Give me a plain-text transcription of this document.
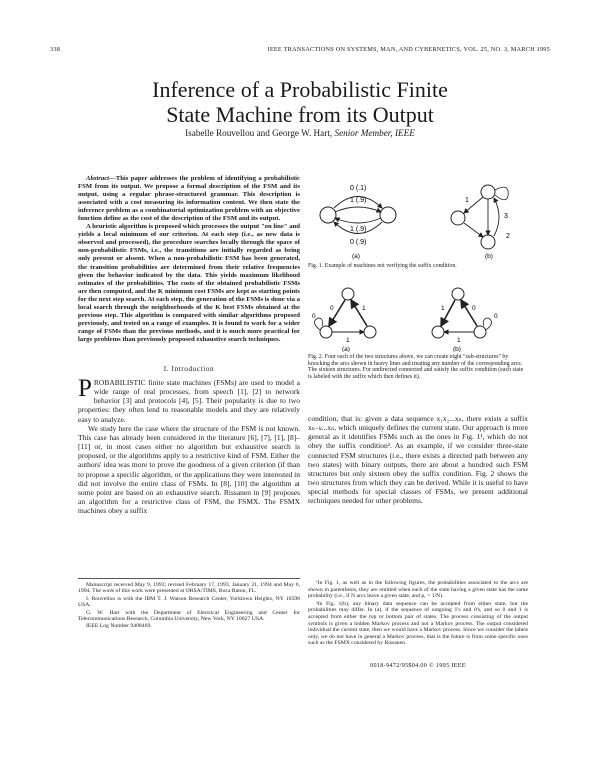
338	IEEE TRANSACTIONS ON SYSTEMS, MAN, AND CYBERNETICS, VOL. 25, NO. 3, MARCH 1995
Inference of a Probabilistic Finite
State Machine from its Output
Isabelle Rouvellou and George W. Hart, Senior Member, IEEE

Abstract—This paper addresses the problem of identifying a probabilistic FSM from its output. We propose a formal description of the FSM and its output, using a regular phrase-structured grammar. This description is associated with a cost measuring its information content. We then state the inference problem as a combinatorial optimization problem with an objective function define as the cost of the description of the FSM and its output.

A heuristic algorithm is proposed which processes the output "on line" and yields a local minimum of our criterion. At each step (i.e., as new data is observed and processed), the procedure searches locally through the space of non-probabilistic FSMs, i.e., the transitions are initially regarded as being only present or absent. When a non-probabilistic FSM has been generated, the transition probabilities are determined from their relative frequencies given the behavior indicated by the data. This yields maximum likelihood estimates of the probabilities. The costs of the obtained probabilistic FSMs are then computed, and the K minimum cost FSMs are kept as starting points for the next step search. At each step, the generation of the FSMs is done via a local search through the neighborhoods of the K best FSMs obtained at the previous step. This algorithm is compared with similar algorithms proposed previously, and tested on a range of examples. It is found to work for a wider range of FSMs than the previous methods, and it is much more practical for large problems than previously proposed exhaustive search techniques.

I. Introduction

PROBABILISTIC finite state machines (FSMs) are used to model a wide range of real processes, from speech [1], [2] to network behavior [3] and protocols [4], [5]. Their popularity is due to two properties: they often lend to reasonable models and they are relatively easy to analyze.

We study here the case where the structure of the FSM is not known. This case has already been considered in the literature [6], [7], [1], [8]–[11] or, in most cases either no algorithm but exhaustive search is proposed, or the algorithms apply to a restrictive kind of FSM. Either the authors' idea was more to prove the goodness of a given criterion (if than to propose a specific algorithm, or the applications they were interested in did not involve the entire class of FSMs. In [8], [10] the algorithm at some point are based on an exhaustive search. Rissanen in [9] proposes an algorithm for a restrictive class of FSM, the FSMX. The FSMX machines obey a suffix

Manuscript received May 9, 1993; revised February 17, 1993, January 21, 1994 and May 6, 1994. The work of this work were presented at ORSA/TIMS, Boca Raton, FL.

I. Rouvellou is with the IBM T. J. Watson Research Center, Yorktown Heights, NY 10598 USA.

G. W. Hart with the Department of Electrical Engineering and Center for Telecommunications Research, Columbia University, New York, NY 10027 USA.

IEEE Log Number 9408469.

0 (.1)
1 (.9)
1 (.9)
0 (.9)
(a)
1
3
2
(b)
Fig. 1. Example of machines not verifying the suffix condition.
0
0
1
1
(a)
1
0
0
1
(b)
Fig. 2. Four each of the two structures above, we can create eight "sub-structures" by knocking the arcs shown in heavy lines and treating any number of the corresponding arcs. The sixteen structures. For undirected connected and satisfy the suffix condition (each state is labeled with the suffix which then defines it).

condition, that is: given a data sequence x₁x₂...xₙ, there exists a suffix xₙ₋ₖ...xₙ, which uniquely defines the current state. Our approach is more general as it identifies FSMs such as the ones in Fig. 1¹, which do not obey the suffix condition². As an example, if we consider three-state connected FSM structures (i.e., there exists a directed path between any two states) with binary outputs, there are about a hundred such FSM structures but only sixteen obey the suffix condition. Fig. 2 shows the two structures from which they can be derived. While it is useful to have special methods for special classes of FSMs, we present additional techniques needed for other problems.

¹In Fig. 1, as well as in the following figures, the probabilities associated to the arcs are shown in parenthesis, they are omitted when each of the state having a given state has the same probability (i.e., if N arcs leave a given state, and pₑ = 1/N).

²In Fig. 1(b), any binary data sequence can be accepted from either state, but the probabilities may differ. In (a), if the sequence of outgoing 1's and 0's, and so 0 and 1 is accepted from either the top or bottom pair of states. The process consisting of the output symbols is given a hidden Markov process and not a Markov process. The output considered individual the current state, then we would have a Markov process. Since we consider the labels only, we do not have in general a Markov process, that is the future is from some specific ones such as the FSMX considered by Rissanen.

0018-9472/95$04.00 © 1995 IEEE
